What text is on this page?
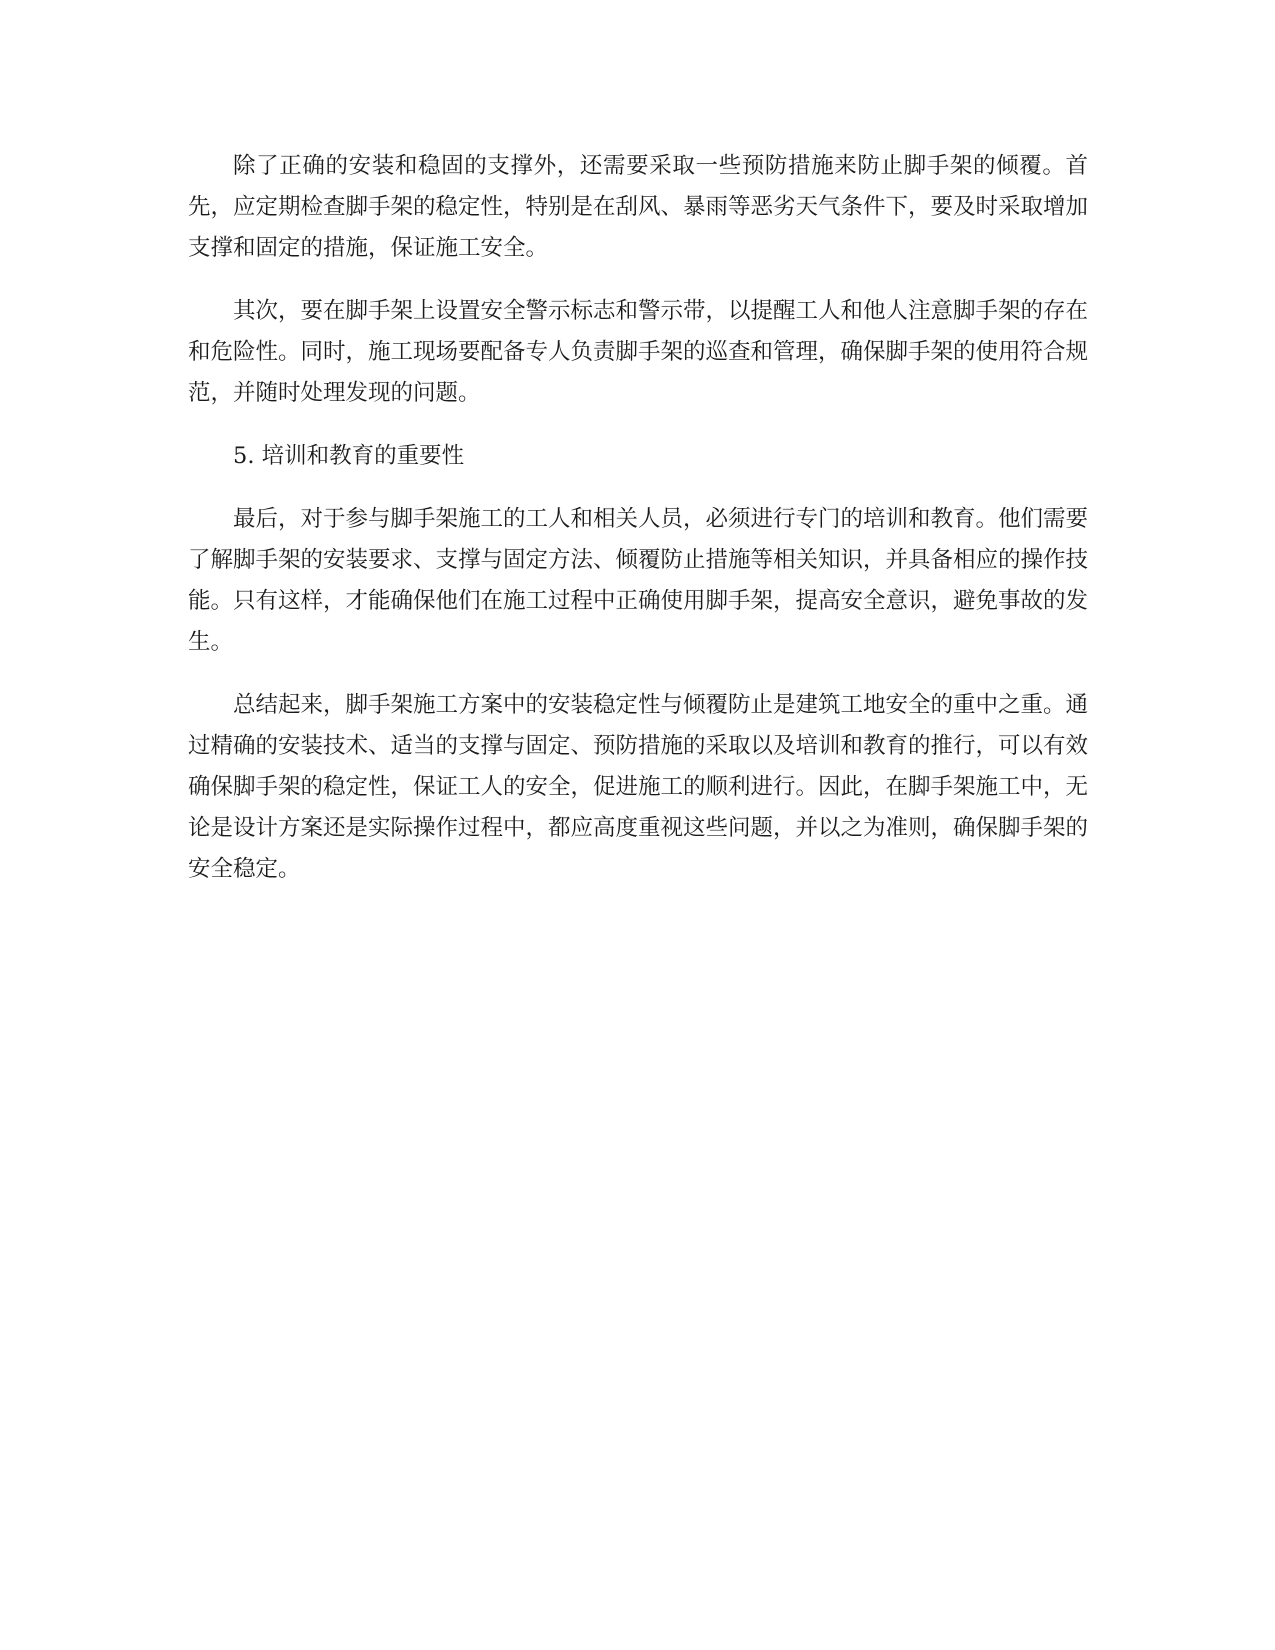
除了正确的安装和稳固的支撑外，还需要采取一些预防措施来防止脚手架的倾覆。首先，应定期检查脚手架的稳定性，特别是在刮风、暴雨等恶劣天气条件下，要及时采取增加支撑和固定的措施，保证施工安全。

其次，要在脚手架上设置安全警示标志和警示带，以提醒工人和他人注意脚手架的存在和危险性。同时，施工现场要配备专人负责脚手架的巡查和管理，确保脚手架的使用符合规范，并随时处理发现的问题。

5. 培训和教育的重要性

最后，对于参与脚手架施工的工人和相关人员，必须进行专门的培训和教育。他们需要了解脚手架的安装要求、支撑与固定方法、倾覆防止措施等相关知识，并具备相应的操作技能。只有这样，才能确保他们在施工过程中正确使用脚手架，提高安全意识，避免事故的发生。

总结起来，脚手架施工方案中的安装稳定性与倾覆防止是建筑工地安全的重中之重。通过精确的安装技术、适当的支撑与固定、预防措施的采取以及培训和教育的推行，可以有效确保脚手架的稳定性，保证工人的安全，促进施工的顺利进行。因此，在脚手架施工中，无论是设计方案还是实际操作过程中，都应高度重视这些问题，并以之为准则，确保脚手架的安全稳定。
